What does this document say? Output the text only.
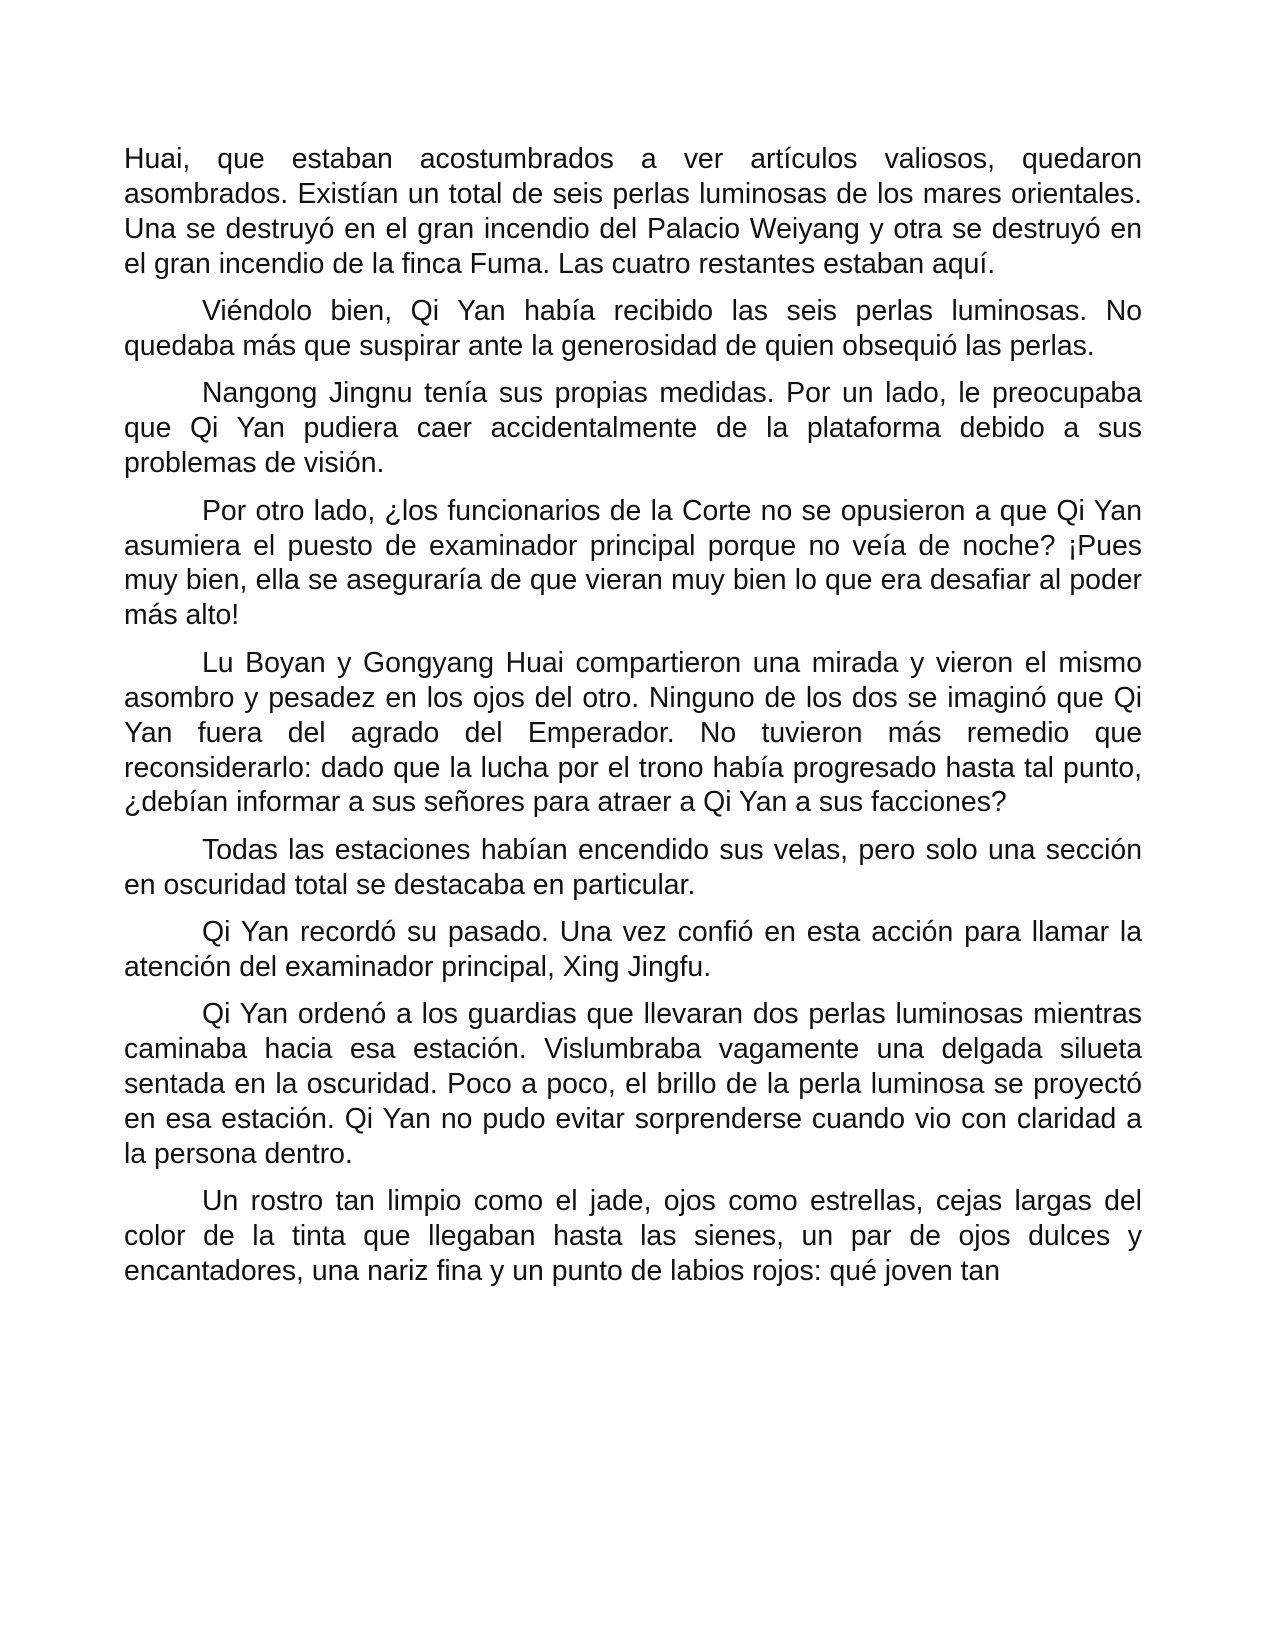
Huai, que estaban acostumbrados a ver artículos valiosos, quedaron asombrados. Existían un total de seis perlas luminosas de los mares orientales. Una se destruyó en el gran incendio del Palacio Weiyang y otra se destruyó en el gran incendio de la finca Fuma. Las cuatro restantes estaban aquí.

Viéndolo bien, Qi Yan había recibido las seis perlas luminosas. No quedaba más que suspirar ante la generosidad de quien obsequió las perlas.

Nangong Jingnu tenía sus propias medidas. Por un lado, le preocupaba que Qi Yan pudiera caer accidentalmente de la plataforma debido a sus problemas de visión.

Por otro lado, ¿los funcionarios de la Corte no se opusieron a que Qi Yan asumiera el puesto de examinador principal porque no veía de noche? ¡Pues muy bien, ella se aseguraría de que vieran muy bien lo que era desafiar al poder más alto!

Lu Boyan y Gongyang Huai compartieron una mirada y vieron el mismo asombro y pesadez en los ojos del otro. Ninguno de los dos se imaginó que Qi Yan fuera del agrado del Emperador. No tuvieron más remedio que reconsiderarlo: dado que la lucha por el trono había progresado hasta tal punto, ¿debían informar a sus señores para atraer a Qi Yan a sus facciones?

Todas las estaciones habían encendido sus velas, pero solo una sección en oscuridad total se destacaba en particular.

Qi Yan recordó su pasado. Una vez confió en esta acción para llamar la atención del examinador principal, Xing Jingfu.

Qi Yan ordenó a los guardias que llevaran dos perlas luminosas mientras caminaba hacia esa estación. Vislumbraba vagamente una delgada silueta sentada en la oscuridad. Poco a poco, el brillo de la perla luminosa se proyectó en esa estación. Qi Yan no pudo evitar sorprenderse cuando vio con claridad a la persona dentro.

Un rostro tan limpio como el jade, ojos como estrellas, cejas largas del color de la tinta que llegaban hasta las sienes, un par de ojos dulces y encantadores, una nariz fina y un punto de labios rojos: qué joven tan
